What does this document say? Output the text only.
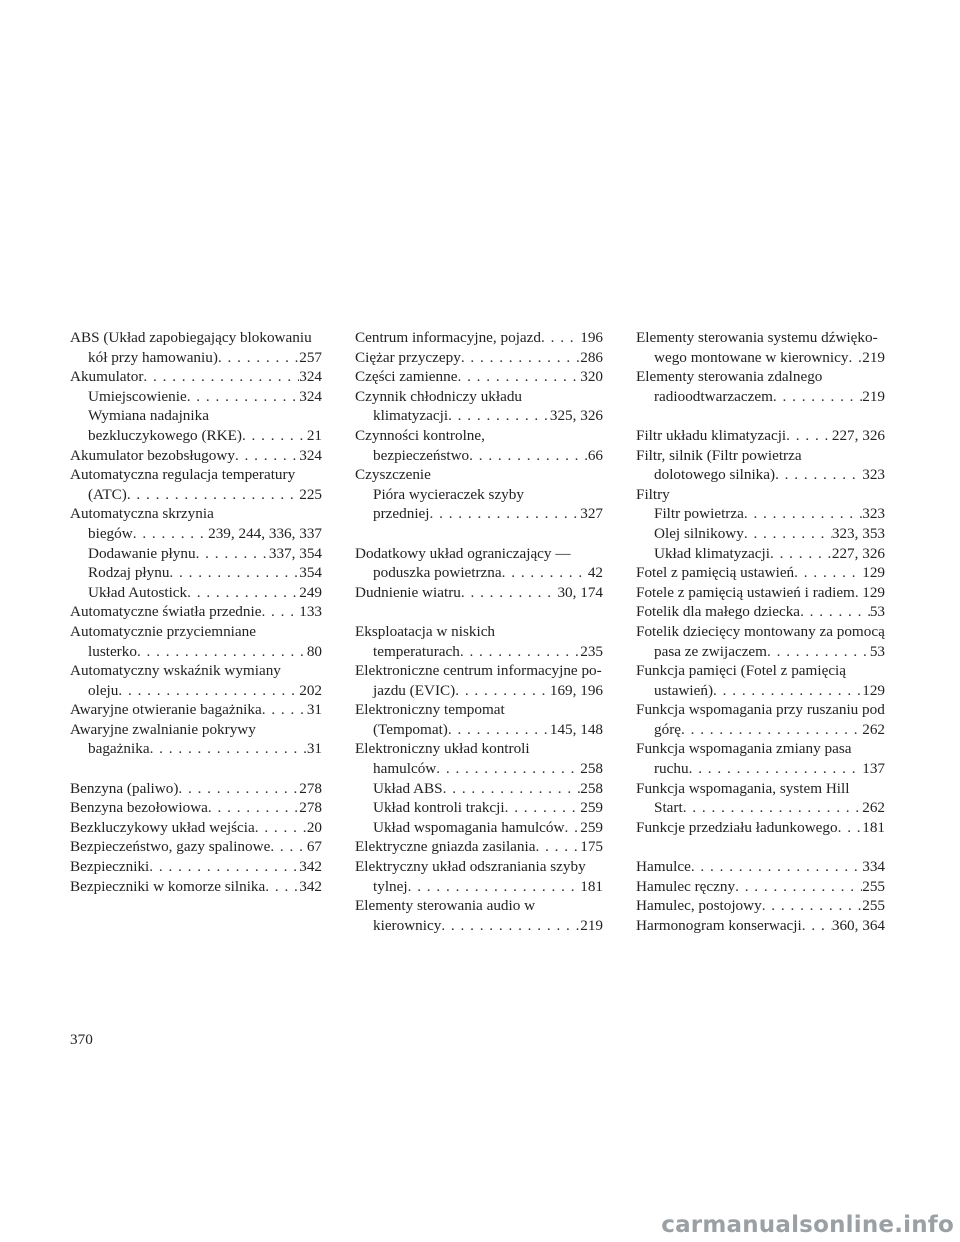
ABS (Układ zapobiegający blokowaniu
kół przy hamowaniu) . . .	257
Akumulator . . .	324
Umiejscowienie . . .	324
Wymiana nadajnika
bezkluczykowego (RKE) . . .	21
Akumulator bezobsługowy . . .	324
Automatyczna regulacja temperatury
(ATC) . . .	225
Automatyczna skrzynia
biegów . . .	239, 244, 336, 337
Dodawanie płynu . . .	337, 354
Rodzaj płynu . . .	354
Układ Autostick . . .	249
Automatyczne światła przednie . . . 133
Automatycznie przyciemniane
lusterko . . .	80
Automatyczny wskaźnik wymiany
oleju . . .	202
Awaryjne otwieranie bagażnika . . .	31
Awaryjne zwalnianie pokrywy
bagażnika . . .	31
Benzyna (paliwo) . . .	278
Benzyna bezołowiowa . . .	278
Bezkluczykowy układ wejścia . . .	20
Bezpieczeństwo, gazy spalinowe . . . 67
Bezpieczniki . . .	342
Bezpieczniki w komorze silnika . . . 342
Centrum informacyjne, pojazd . . .	196
Ciężar przyczepy . . .	286
Części zamienne . . .	320
Czynnik chłodniczy układu
klimatyzacji . . .	325, 326
Czynności kontrolne,
bezpieczeństwo . . .	66
Czyszczenie
Pióra wycieraczek szyby
przedniej . . .	327
Dodatkowy układ ograniczający —
poduszka powietrzna . . .	42
Dudnienie wiatru . . .	30, 174
Eksploatacja w niskich
temperaturach . . .	235
Elektroniczne centrum informacyjne po-
jazdu (EVIC) . . .	169, 196
Elektroniczny tempomat
(Tempomat) . . .	145, 148
Elektroniczny układ kontroli
hamulców . . .	258
Układ ABS . . .	258
Układ kontroli trakcji . . .	259
Układ wspomagania hamulców . . . 259
Elektryczne gniazda zasilania . . .	175
Elektryczny układ odszraniania szyby
tylnej . . .	181
Elementy sterowania audio w
kierownicy . . .	219
Elementy sterowania systemu dźwięko-
wego montowane w kierownicy . . . 219
Elementy sterowania zdalnego
radioodtwarzaczem . . .	219
Filtr układu klimatyzacji . . .	227, 326
Filtr, silnik (Filtr powietrza
dolotowego silnika) . . .	323
Filtry
Filtr powietrza . . .	323
Olej silnikowy . . .	323, 353
Układ klimatyzacji . . .	227, 326
Fotel z pamięcią ustawień . . .	129
Fotele z pamięcią ustawień i radiem . . . 129
Fotelik dla małego dziecka . . .	53
Fotelik dziecięcy montowany za pomocą
pasa ze zwijaczem . . .	53
Funkcja pamięci (Fotel z pamięcią
ustawień) . . .	129
Funkcja wspomagania przy ruszaniu pod
górę . . .	262
Funkcja wspomagania zmiany pasa
ruchu . . .	137
Funkcja wspomagania, system Hill
Start . . .	262
Funkcje przedziału ładunkowego . . . 181
Hamulce . . .	334
Hamulec ręczny . . .	255
Hamulec, postojowy . . .	255
Harmonogram konserwacji . . . 360, 364
370
carmanualsonline.info
